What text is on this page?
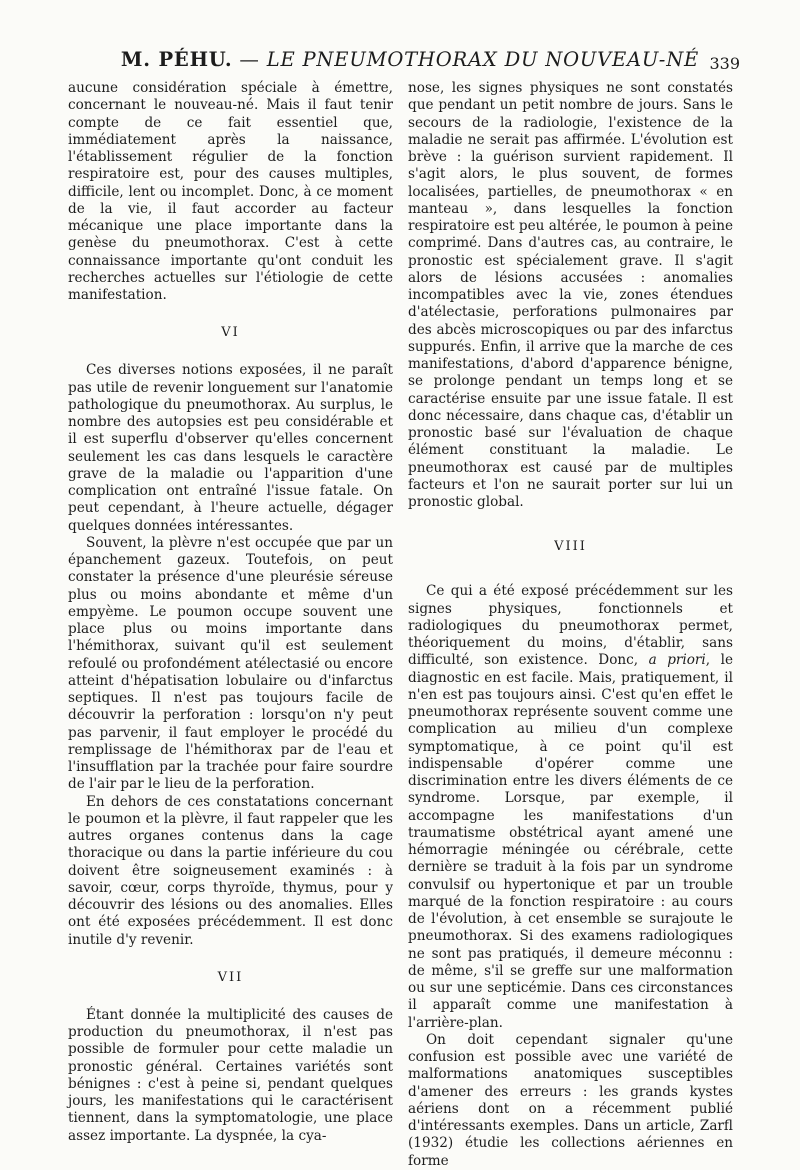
M. PÉHU. — LE PNEUMOTHORAX DU NOUVEAU-NÉ 339

aucune considération spéciale à émettre, concernant le nouveau-né. Mais il faut tenir compte de ce fait essentiel que, immédiatement après la naissance, l'établissement régulier de la fonction respiratoire est, pour des causes multiples, difficile, lent ou incomplet. Donc, à ce moment de la vie, il faut accorder au facteur mécanique une place importante dans la genèse du pneumothorax. C'est à cette connaissance importante qu'ont conduit les recherches actuelles sur l'étiologie de cette manifestation.

VI

Ces diverses notions exposées, il ne paraît pas utile de revenir longuement sur l'anatomie pathologique du pneumothorax. Au surplus, le nombre des autopsies est peu considérable et il est superflu d'observer qu'elles concernent seulement les cas dans lesquels le caractère grave de la maladie ou l'apparition d'une complication ont entraîné l'issue fatale. On peut cependant, à l'heure actuelle, dégager quelques données intéressantes.

Souvent, la plèvre n'est occupée que par un épanchement gazeux. Toutefois, on peut constater la présence d'une pleurésie séreuse plus ou moins abondante et même d'un empyème. Le poumon occupe souvent une place plus ou moins importante dans l'hémithorax, suivant qu'il est seulement refoulé ou profondément atélectasié ou encore atteint d'hépatisation lobulaire ou d'infarctus septiques. Il n'est pas toujours facile de découvrir la perforation : lorsqu'on n'y peut pas parvenir, il faut employer le procédé du remplissage de l'hémithorax par de l'eau et l'insufflation par la trachée pour faire sourdre de l'air par le lieu de la perforation.

En dehors de ces constatations concernant le poumon et la plèvre, il faut rappeler que les autres organes contenus dans la cage thoracique ou dans la partie inférieure du cou doivent être soigneusement examinés : à savoir, cœur, corps thyroïde, thymus, pour y découvrir des lésions ou des anomalies. Elles ont été exposées précédemment. Il est donc inutile d'y revenir.

VII

Étant donnée la multiplicité des causes de production du pneumothorax, il n'est pas possible de formuler pour cette maladie un pronostic général. Certaines variétés sont bénignes : c'est à peine si, pendant quelques jours, les manifestations qui le caractérisent tiennent, dans la symptomatologie, une place assez importante. La dyspnée, la cya-

nose, les signes physiques ne sont constatés que pendant un petit nombre de jours. Sans le secours de la radiologie, l'existence de la maladie ne serait pas affirmée. L'évolution est brève : la guérison survient rapidement. Il s'agit alors, le plus souvent, de formes localisées, partielles, de pneumothorax « en manteau », dans lesquelles la fonction respiratoire est peu altérée, le poumon à peine comprimé. Dans d'autres cas, au contraire, le pronostic est spécialement grave. Il s'agit alors de lésions accusées : anomalies incompatibles avec la vie, zones étendues d'atélectasie, perforations pulmonaires par des abcès microscopiques ou par des infarctus suppurés. Enfin, il arrive que la marche de ces manifestations, d'abord d'apparence bénigne, se prolonge pendant un temps long et se caractérise ensuite par une issue fatale. Il est donc nécessaire, dans chaque cas, d'établir un pronostic basé sur l'évaluation de chaque élément constituant la maladie. Le pneumothorax est causé par de multiples facteurs et l'on ne saurait porter sur lui un pronostic global.

VIII

Ce qui a été exposé précédemment sur les signes physiques, fonctionnels et radiologiques du pneumothorax permet, théoriquement du moins, d'établir, sans difficulté, son existence. Donc, a priori, le diagnostic en est facile. Mais, pratiquement, il n'en est pas toujours ainsi. C'est qu'en effet le pneumothorax représente souvent comme une complication au milieu d'un complexe symptomatique, à ce point qu'il est indispensable d'opérer comme une discrimination entre les divers éléments de ce syndrome. Lorsque, par exemple, il accompagne les manifestations d'un traumatisme obstétrical ayant amené une hémorragie méningée ou cérébrale, cette dernière se traduit à la fois par un syndrome convulsif ou hypertonique et par un trouble marqué de la fonction respiratoire : au cours de l'évolution, à cet ensemble se surajoute le pneumothorax. Si des examens radiologiques ne sont pas pratiqués, il demeure méconnu : de même, s'il se greffe sur une malformation ou sur une septicémie. Dans ces circonstances il apparaît comme une manifestation à l'arrière-plan.

On doit cependant signaler qu'une confusion est possible avec une variété de malformations anatomiques susceptibles d'amener des erreurs : les grands kystes aériens dont on a récemment publié d'intéressants exemples. Dans un article, Zarfl (1932) étudie les collections aériennes en forme
